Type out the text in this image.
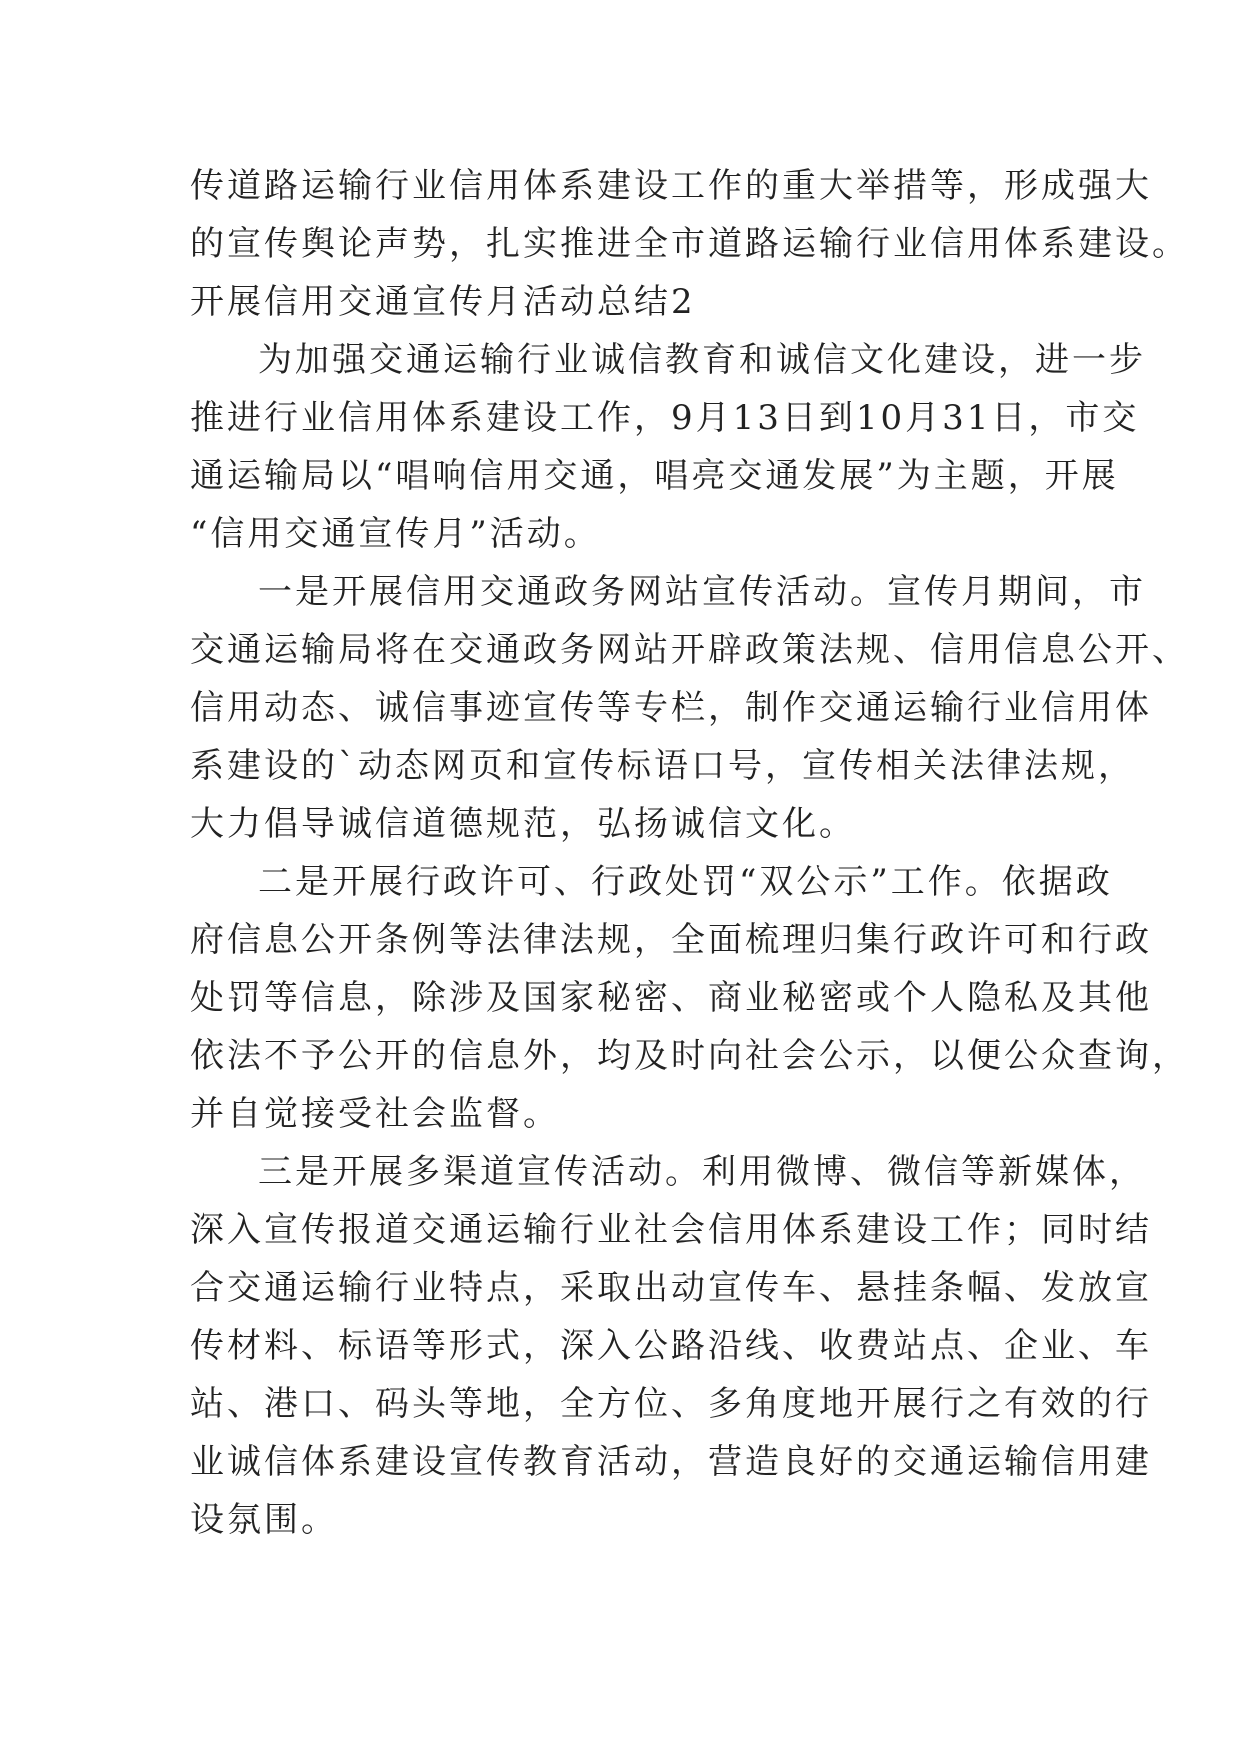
传道路运输行业信用体系建设工作的重大举措等，形成强大
的宣传舆论声势，扎实推进全市道路运输行业信用体系建设。
开展信用交通宣传月活动总结2
为加强交通运输行业诚信教育和诚信文化建设，进一步
推进行业信用体系建设工作，9月13日到10月31日，市交
通运输局以“唱响信用交通，唱亮交通发展”为主题，开展
“信用交通宣传月”活动。
一是开展信用交通政务网站宣传活动。宣传月期间，市
交通运输局将在交通政务网站开辟政策法规、信用信息公开、
信用动态、诚信事迹宣传等专栏，制作交通运输行业信用体
系建设的`动态网页和宣传标语口号，宣传相关法律法规，
大力倡导诚信道德规范，弘扬诚信文化。
二是开展行政许可、行政处罚“双公示”工作。依据政
府信息公开条例等法律法规，全面梳理归集行政许可和行政
处罚等信息，除涉及国家秘密、商业秘密或个人隐私及其他
依法不予公开的信息外，均及时向社会公示，以便公众查询，
并自觉接受社会监督。
三是开展多渠道宣传活动。利用微博、微信等新媒体，
深入宣传报道交通运输行业社会信用体系建设工作；同时结
合交通运输行业特点，采取出动宣传车、悬挂条幅、发放宣
传材料、标语等形式，深入公路沿线、收费站点、企业、车
站、港口、码头等地，全方位、多角度地开展行之有效的行
业诚信体系建设宣传教育活动，营造良好的交通运输信用建
设氛围。
